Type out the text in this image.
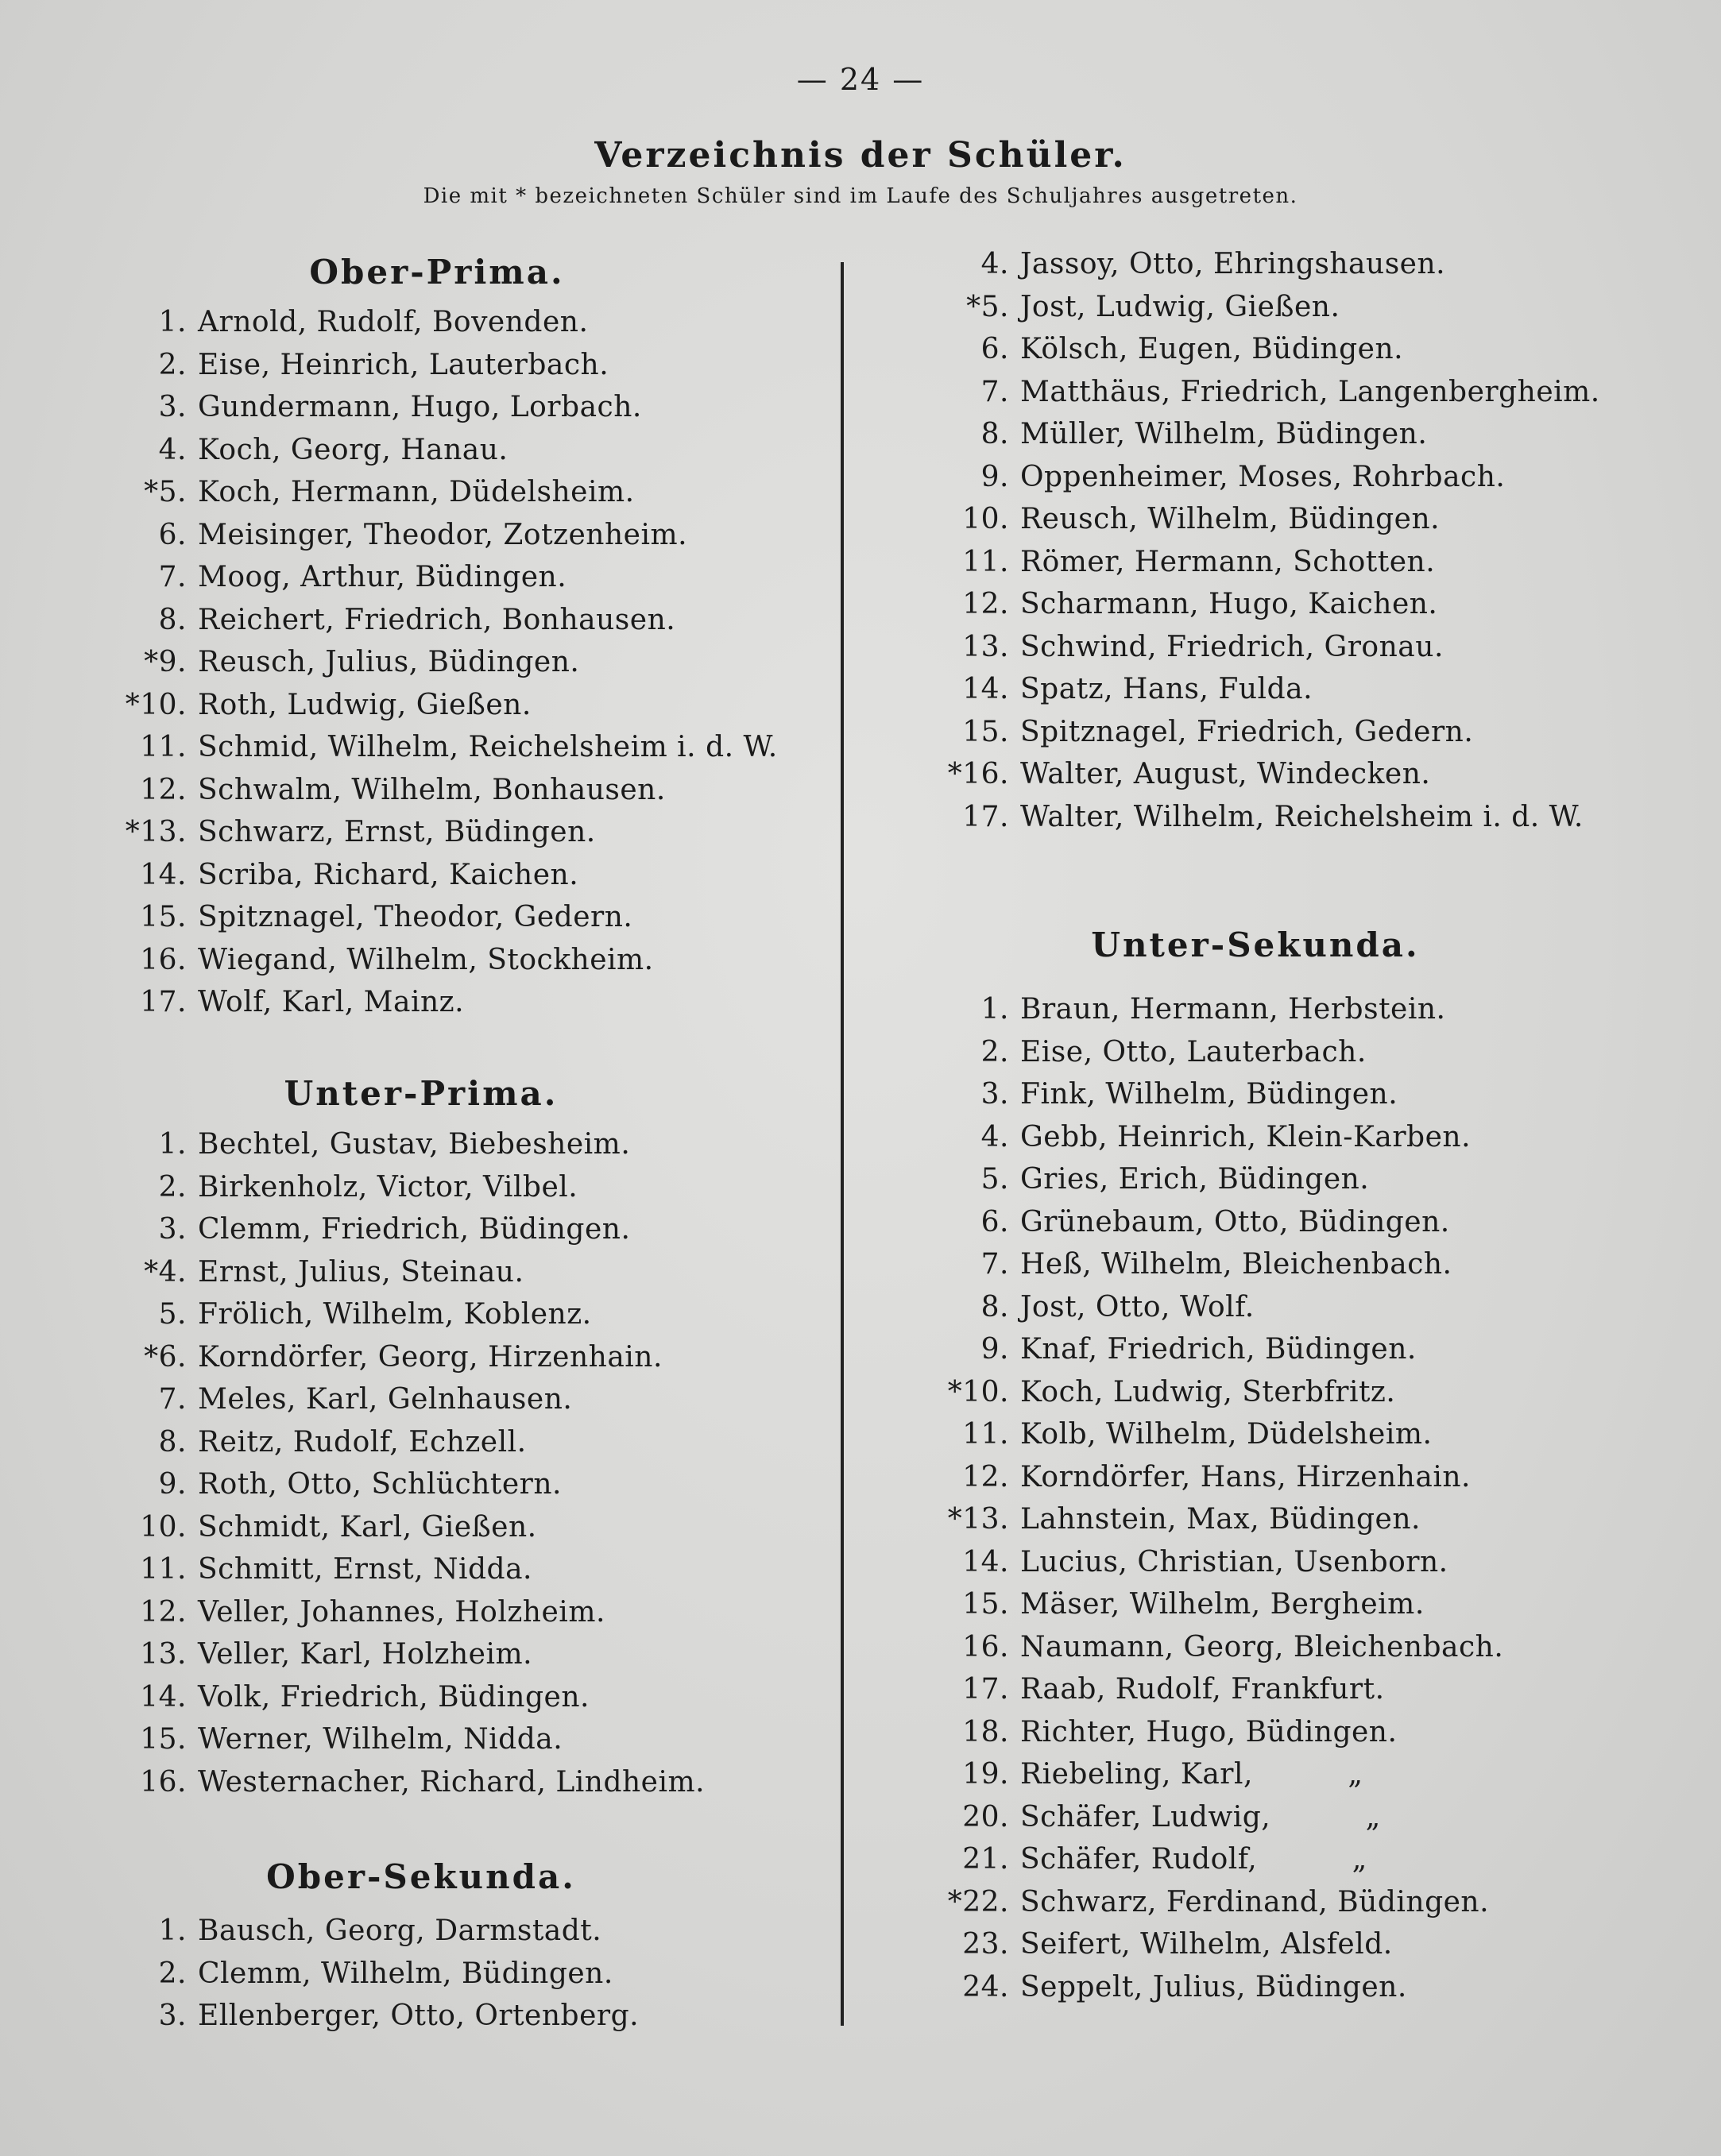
— 24 —
Verzeichnis der Schüler.
Die mit * bezeichneten Schüler sind im Laufe des Schuljahres ausgetreten.
Ober-Prima.
1. Arnold, Rudolf, Bovenden.
2. Eise, Heinrich, Lauterbach.
3. Gundermann, Hugo, Lorbach.
4. Koch, Georg, Hanau.
*5. Koch, Hermann, Düdelsheim.
6. Meisinger, Theodor, Zotzenheim.
7. Moog, Arthur, Büdingen.
8. Reichert, Friedrich, Bonhausen.
*9. Reusch, Julius, Büdingen.
*10. Roth, Ludwig, Gießen.
11. Schmid, Wilhelm, Reichelsheim i. d. W.
12. Schwalm, Wilhelm, Bonhausen.
*13. Schwarz, Ernst, Büdingen.
14. Scriba, Richard, Kaichen.
15. Spitznagel, Theodor, Gedern.
16. Wiegand, Wilhelm, Stockheim.
17. Wolf, Karl, Mainz.
Unter-Prima.
1. Bechtel, Gustav, Biebesheim.
2. Birkenholz, Victor, Vilbel.
3. Clemm, Friedrich, Büdingen.
*4. Ernst, Julius, Steinau.
5. Frölich, Wilhelm, Koblenz.
*6. Korndörfer, Georg, Hirzenhain.
7. Meles, Karl, Gelnhausen.
8. Reitz, Rudolf, Echzell.
9. Roth, Otto, Schlüchtern.
10. Schmidt, Karl, Gießen.
11. Schmitt, Ernst, Nidda.
12. Veller, Johannes, Holzheim.
13. Veller, Karl, Holzheim.
14. Volk, Friedrich, Büdingen.
15. Werner, Wilhelm, Nidda.
16. Westernacher, Richard, Lindheim.
Ober-Sekunda.
1. Bausch, Georg, Darmstadt.
2. Clemm, Wilhelm, Büdingen.
3. Ellenberger, Otto, Ortenberg.
4. Jassoy, Otto, Ehringshausen.
*5. Jost, Ludwig, Gießen.
6. Kölsch, Eugen, Büdingen.
7. Matthäus, Friedrich, Langenbergheim.
8. Müller, Wilhelm, Büdingen.
9. Oppenheimer, Moses, Rohrbach.
10. Reusch, Wilhelm, Büdingen.
11. Römer, Hermann, Schotten.
12. Scharmann, Hugo, Kaichen.
13. Schwind, Friedrich, Gronau.
14. Spatz, Hans, Fulda.
15. Spitznagel, Friedrich, Gedern.
*16. Walter, August, Windecken.
17. Walter, Wilhelm, Reichelsheim i. d. W.
Unter-Sekunda.
1. Braun, Hermann, Herbstein.
2. Eise, Otto, Lauterbach.
3. Fink, Wilhelm, Büdingen.
4. Gebb, Heinrich, Klein-Karben.
5. Gries, Erich, Büdingen.
6. Grünebaum, Otto, Büdingen.
7. Heß, Wilhelm, Bleichenbach.
8. Jost, Otto, Wolf.
9. Knaf, Friedrich, Büdingen.
*10. Koch, Ludwig, Sterbfritz.
11. Kolb, Wilhelm, Düdelsheim.
12. Korndörfer, Hans, Hirzenhain.
*13. Lahnstein, Max, Büdingen.
14. Lucius, Christian, Usenborn.
15. Mäser, Wilhelm, Bergheim.
16. Naumann, Georg, Bleichenbach.
17. Raab, Rudolf, Frankfurt.
18. Richter, Hugo, Büdingen.
19. Riebeling, Karl,          „
20. Schäfer, Ludwig,          „
21. Schäfer, Rudolf,          „
*22. Schwarz, Ferdinand, Büdingen.
23. Seifert, Wilhelm, Alsfeld.
24. Seppelt, Julius, Büdingen.
